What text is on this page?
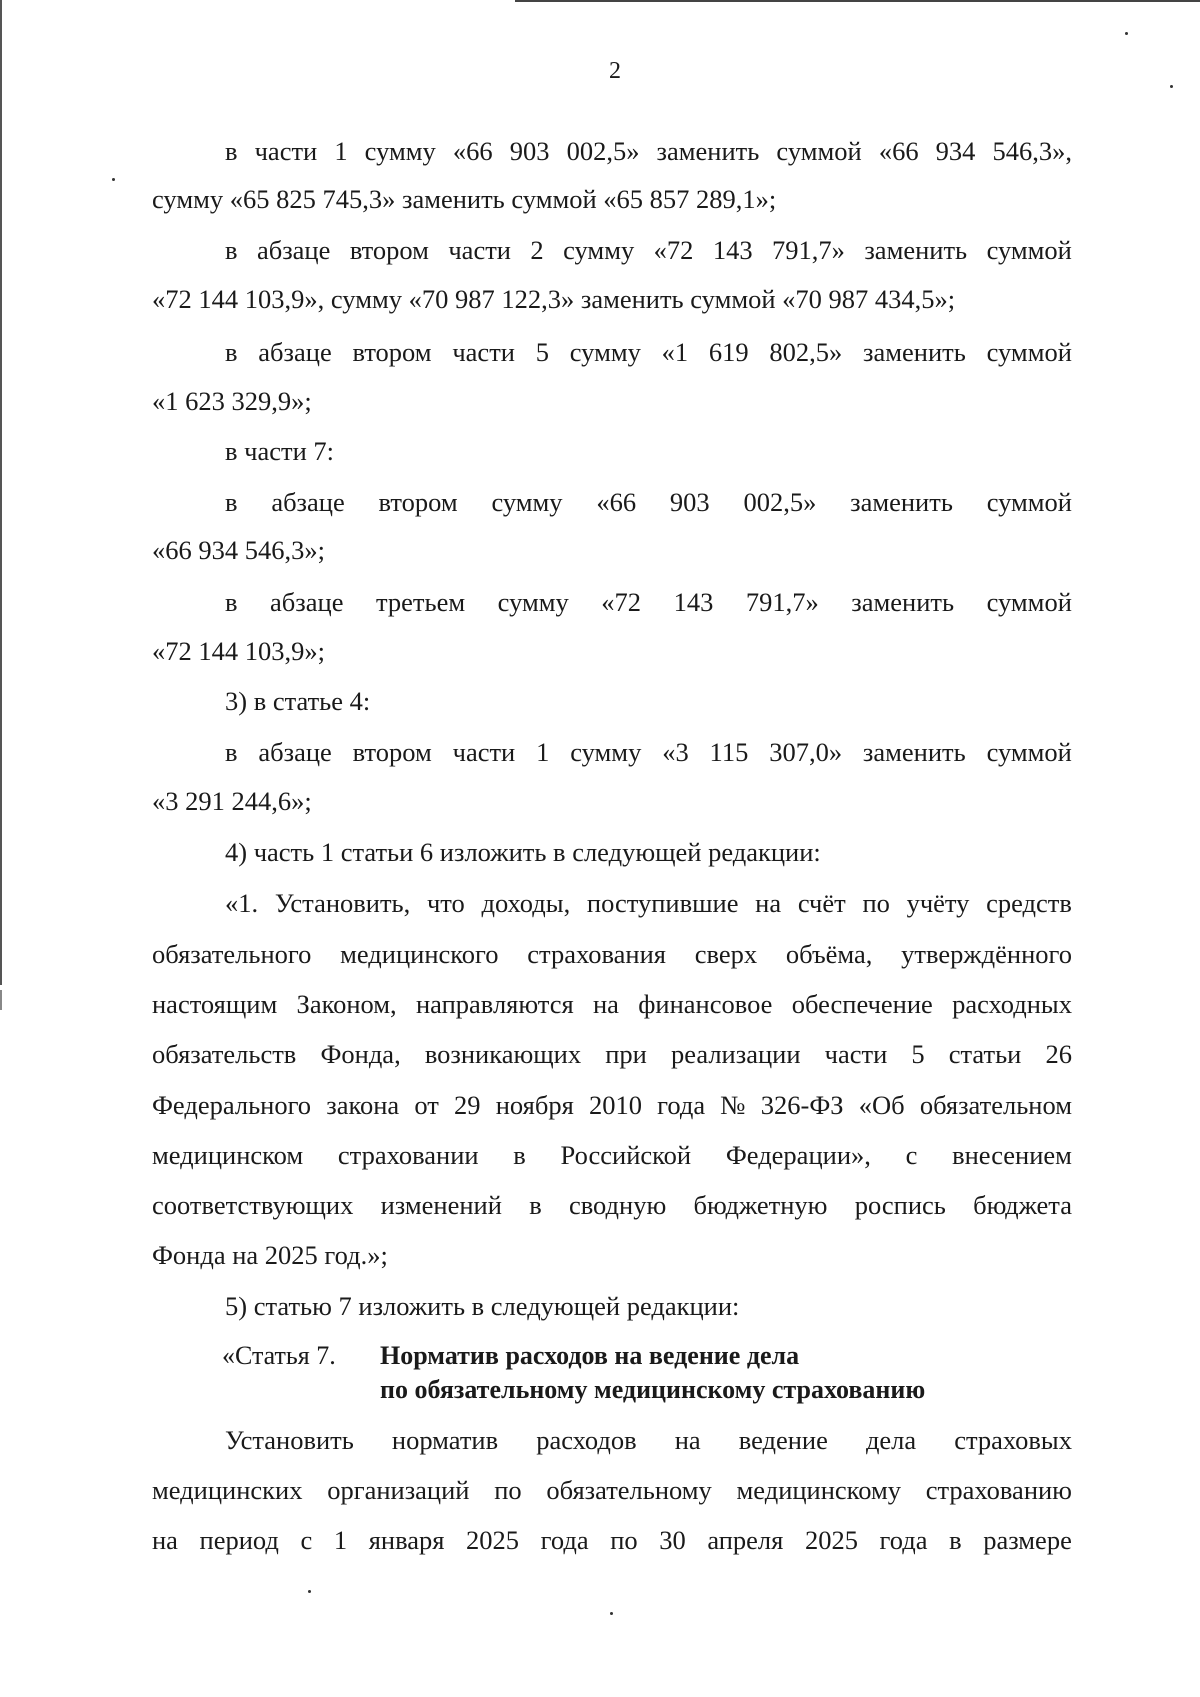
2
в части 1 сумму «66 903 002,5» заменить суммой «66 934 546,3»,
сумму «65 825 745,3» заменить суммой «65 857 289,1»;
в абзаце втором части 2 сумму «72 143 791,7» заменить суммой
«72 144 103,9», сумму «70 987 122,3» заменить суммой «70 987 434,5»;
в абзаце втором части 5 сумму «1 619 802,5» заменить суммой
«1 623 329,9»;
в части 7:
в абзаце втором сумму «66 903 002,5» заменить суммой
«66 934 546,3»;
в абзаце третьем сумму «72 143 791,7» заменить суммой
«72 144 103,9»;
3) в статье 4:
в абзаце втором части 1 сумму «3 115 307,0» заменить суммой
«3 291 244,6»;
4) часть 1 статьи 6 изложить в следующей редакции:
«1. Установить, что доходы, поступившие на счёт по учёту средств
обязательного медицинского страхования сверх объёма, утверждённого
настоящим Законом, направляются на финансовое обеспечение расходных
обязательств Фонда, возникающих при реализации части 5 статьи 26
Федерального закона от 29 ноября 2010 года № 326-ФЗ «Об обязательном
медицинском страховании в Российской Федерации», с внесением
соответствующих изменений в сводную бюджетную роспись бюджета
Фонда на 2025 год.»;
5) статью 7 изложить в следующей редакции:
«Статья 7. Норматив расходов на ведение дела
по обязательному медицинскому страхованию
Установить норматив расходов на ведение дела страховых
медицинских организаций по обязательному медицинскому страхованию
на период с 1 января 2025 года по 30 апреля 2025 года в размере
